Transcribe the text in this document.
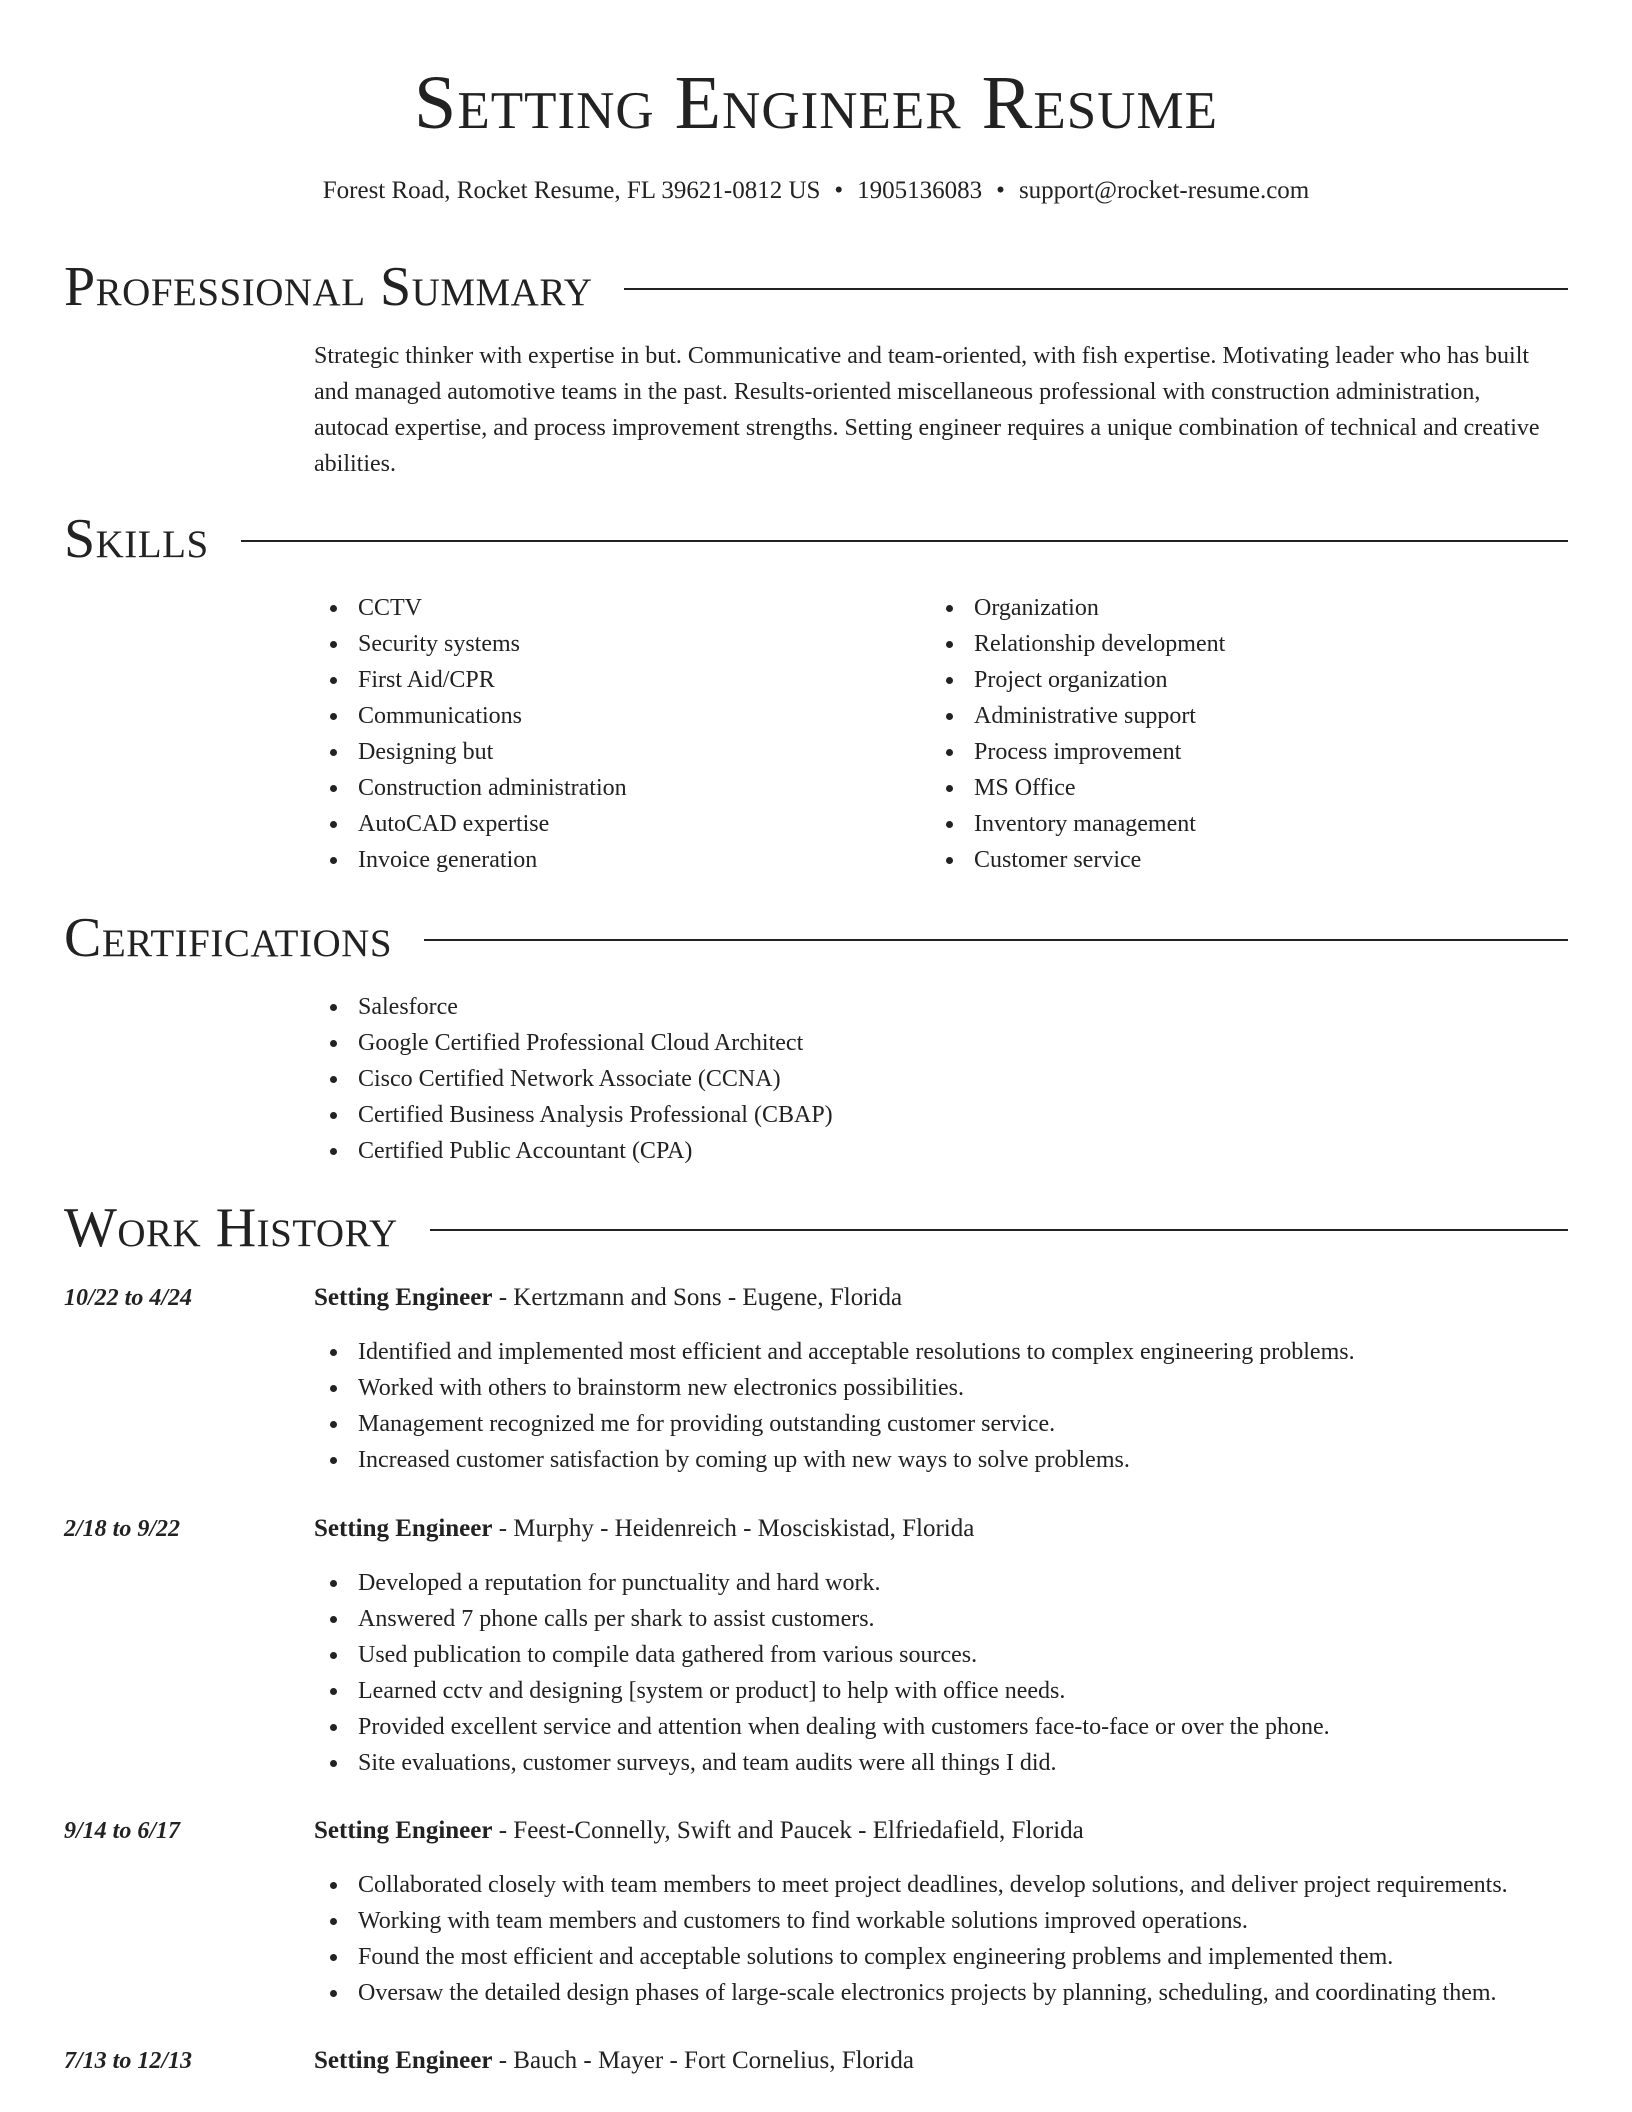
Setting Engineer Resume
Forest Road, Rocket Resume, FL 39621-0812 US • 1905136083 • support@rocket-resume.com
Professional Summary
Strategic thinker with expertise in but. Communicative and team-oriented, with fish expertise. Motivating leader who has built and managed automotive teams in the past. Results-oriented miscellaneous professional with construction administration, autocad expertise, and process improvement strengths. Setting engineer requires a unique combination of technical and creative abilities.
Skills
CCTV
Security systems
First Aid/CPR
Communications
Designing but
Construction administration
AutoCAD expertise
Invoice generation
Organization
Relationship development
Project organization
Administrative support
Process improvement
MS Office
Inventory management
Customer service
Certifications
Salesforce
Google Certified Professional Cloud Architect
Cisco Certified Network Associate (CCNA)
Certified Business Analysis Professional (CBAP)
Certified Public Accountant (CPA)
Work History
10/22 to 4/24	Setting Engineer - Kertzmann and Sons - Eugene, Florida
Identified and implemented most efficient and acceptable resolutions to complex engineering problems.
Worked with others to brainstorm new electronics possibilities.
Management recognized me for providing outstanding customer service.
Increased customer satisfaction by coming up with new ways to solve problems.
2/18 to 9/22	Setting Engineer - Murphy - Heidenreich - Mosciskistad, Florida
Developed a reputation for punctuality and hard work.
Answered 7 phone calls per shark to assist customers.
Used publication to compile data gathered from various sources.
Learned cctv and designing [system or product] to help with office needs.
Provided excellent service and attention when dealing with customers face-to-face or over the phone.
Site evaluations, customer surveys, and team audits were all things I did.
9/14 to 6/17	Setting Engineer - Feest-Connelly, Swift and Paucek - Elfriedafield, Florida
Collaborated closely with team members to meet project deadlines, develop solutions, and deliver project requirements.
Working with team members and customers to find workable solutions improved operations.
Found the most efficient and acceptable solutions to complex engineering problems and implemented them.
Oversaw the detailed design phases of large-scale electronics projects by planning, scheduling, and coordinating them.
7/13 to 12/13	Setting Engineer - Bauch - Mayer - Fort Cornelius, Florida
